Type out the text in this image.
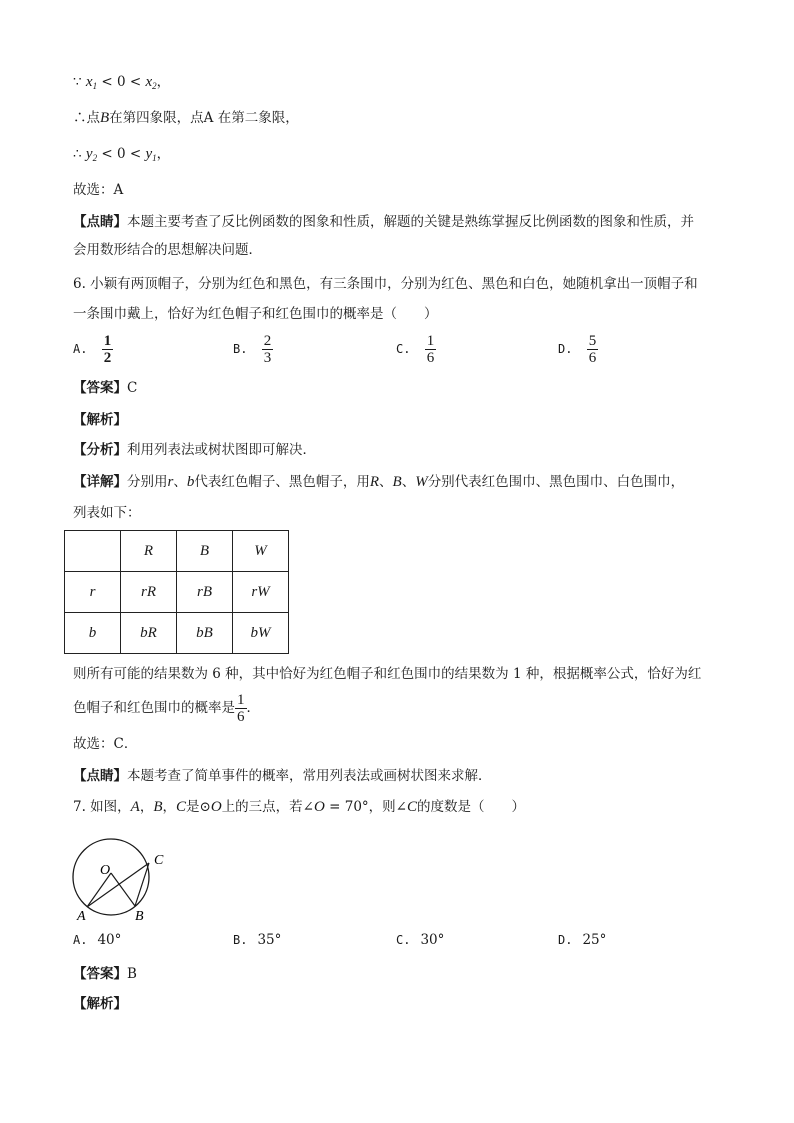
∵ $x_1 < 0 < x_2$，
∴点B在第四象限，点A 在第二象限，
∴ $y_2 < 0 < y_1$，
故选：A
【点睛】本题主要考查了反比例函数的图象和性质，解题的关键是熟练掌握反比例函数的图象和性质，并
会用数形结合的思想解决问题．
6. 小颖有两顶帽子，分别为红色和黑色，有三条围巾，分别为红色、黑色和白色，她随机拿出一顶帽子和
一条围巾戴上，恰好为红色帽子和红色围巾的概率是（　　）
A. $\frac{1}{2}$	B. $\frac{2}{3}$	C. $\frac{1}{6}$	D. $\frac{5}{6}$
【答案】C
【解析】
【分析】利用列表法或树状图即可解决．
【详解】分别用r、b代表红色帽子、黑色帽子，用R、B、W分别代表红色围巾、黑色围巾、白色围巾，
列表如下：
	R	B	W
r	rR	rB	rW
b	bR	bB	bW
则所有可能的结果数为 6 种，其中恰好为红色帽子和红色围巾的结果数为 1 种，根据概率公式，恰好为红
色帽子和红色围巾的概率是 $\frac{1}{6}$ ．
故选：C．
【点睛】本题考查了简单事件的概率，常用列表法或画树状图来求解．
7. 如图，A，B，C是⊙O上的三点，若∠O = 70°，则∠C的度数是（　　）
O
A	B
C
A. 40°	B. 35°	C. 30°	D. 25°
【答案】B
【解析】
